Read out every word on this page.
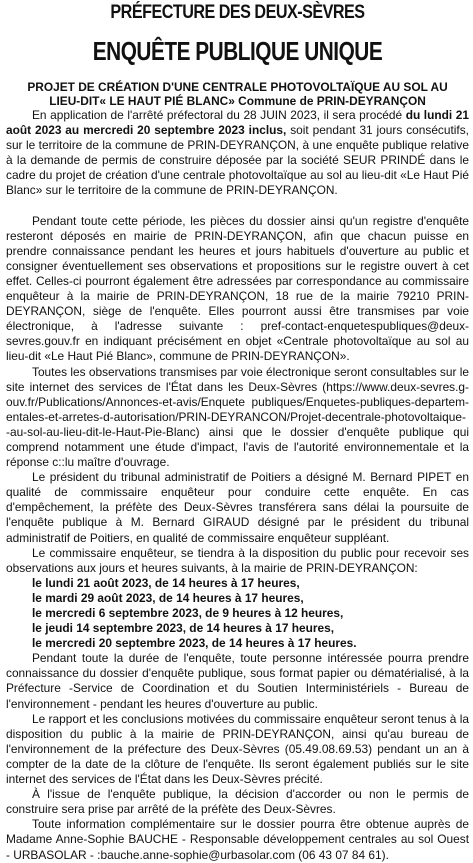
PRÉFECTURE DES DEUX-SÈVRES
ENQUÊTE PUBLIQUE UNIQUE
PROJET DE CRÉATION D'UNE CENTRALE PHOTOVOLTAÏQUE AU SOL AU
LIEU-DIT« LE HAUT PIÉ BLANC» Commune de PRIN-DEYRANÇON

En application de l'arrêté préfectoral du 28 JUIN 2023, il sera procédé du lundi 21 août 2023 au mercredi 20 septembre 2023 inclus, soit pendant 31 jours consécutifs, sur le territoire de la commune de PRIN-DEYRANÇON, à une enquête publique relative à la demande de permis de construire déposée par la société SEUR PRINDÉ dans le cadre du projet de création d'une centrale photovoltaïque au sol au lieu-dit «Le Haut Pié Blanc» sur le territoire de la commune de PRIN-DEYRANÇON.

Pendant toute cette période, les pièces du dossier ainsi qu'un registre d'enquête resteront déposés en mairie de PRIN-DEYRANÇON, afin que chacun puisse en prendre connaissance pendant les heures et jours habituels d'ouverture au public et consigner éventuellement ses observations et propositions sur le registre ouvert à cet effet. Celles-ci pourront également être adressées par correspondance au commissaire enquêteur à la mairie de PRIN-DEYRANÇON, 18 rue de la mairie 79210 PRIN-DEYRANÇON, siège de l'enquête. Elles pourront aussi être transmises par voie électronique, à l'adresse suivante : pref-contact-enquetespubliques@deux-sevres.gouv.fr en indiquant précisément en objet «Centrale photovoltaïque au sol au lieu-dit «Le Haut Pié Blanc», commune de PRIN-DEYRANÇON».

Toutes les observations transmises par voie électronique seront consultables sur le site internet des services de l'État dans les Deux-Sèvres (https://www.deux-sevres.g-ouv.fr/Publications/Annonces-et-avis/Enquete publiques/Enquetes-publiques-departem-entales-et-arretes-d-autorisation/PRIN-DEYRANCON/Projet-decentrale-photovoltaique--au-sol-au-lieu-dit-le-Haut-Pie-Blanc) ainsi que le dossier d'enquête publique qui comprend notamment une étude d'impact, l'avis de l'autorité environnementale et la réponse c::lu maître d'ouvrage.

Le président du tribunal administratif de Poitiers a désigné M. Bernard PIPET en qualité de commissaire enquêteur pour conduire cette enquête. En cas d'empêchement, la préfète des Deux-Sèvres transférera sans délai la poursuite de l'enquête publique à M. Bernard GIRAUD désigné par le président du tribunal administratif de Poitiers, en qualité de commissaire enquêteur suppléant.

Le commissaire enquêteur, se tiendra à la disposition du public pour recevoir ses observations aux jours et heures suivants, à la mairie de PRIN-DEYRANÇON:

le lundi 21 août 2023, de 14 heures à 17 heures,
le mardi 29 août 2023, de 14 heures à 17 heures,
le mercredi 6 septembre 2023, de 9 heures à 12 heures,
le jeudi 14 septembre 2023, de 14 heures à 17 heures,
le mercredi 20 septembre 2023, de 14 heures à 17 heures.

Pendant toute la durée de l'enquête, toute personne intéressée pourra prendre connaissance du dossier d'enquête publique, sous format papier ou dématérialisé, à la Préfecture -Service de Coordination et du Soutien Interministériels - Bureau de l'environnement - pendant les heures d'ouverture au public.

Le rapport et les conclusions motivées du commissaire enquêteur seront tenus à la disposition du public à la mairie de PRIN-DEYRANÇON, ainsi qu'au bureau de l'environnement de la préfecture des Deux-Sèvres (05.49.08.69.53) pendant un an à compter de la date de la clôture de l'enquête. Ils seront également publiés sur le site internet des services de l'État dans les Deux-Sèvres précité.

À l'issue de l'enquête publique, la décision d'accorder ou non le permis de construire sera prise par arrêté de la préfète des Deux-Sèvres.

Toute information complémentaire sur le dossier pourra être obtenue auprès de Madame Anne-Sophie BAUCHE - Responsable développement centrales au sol Ouest - URBASOLAR - :bauche.anne-sophie@urbasolar.com (06 43 07 84 61).
